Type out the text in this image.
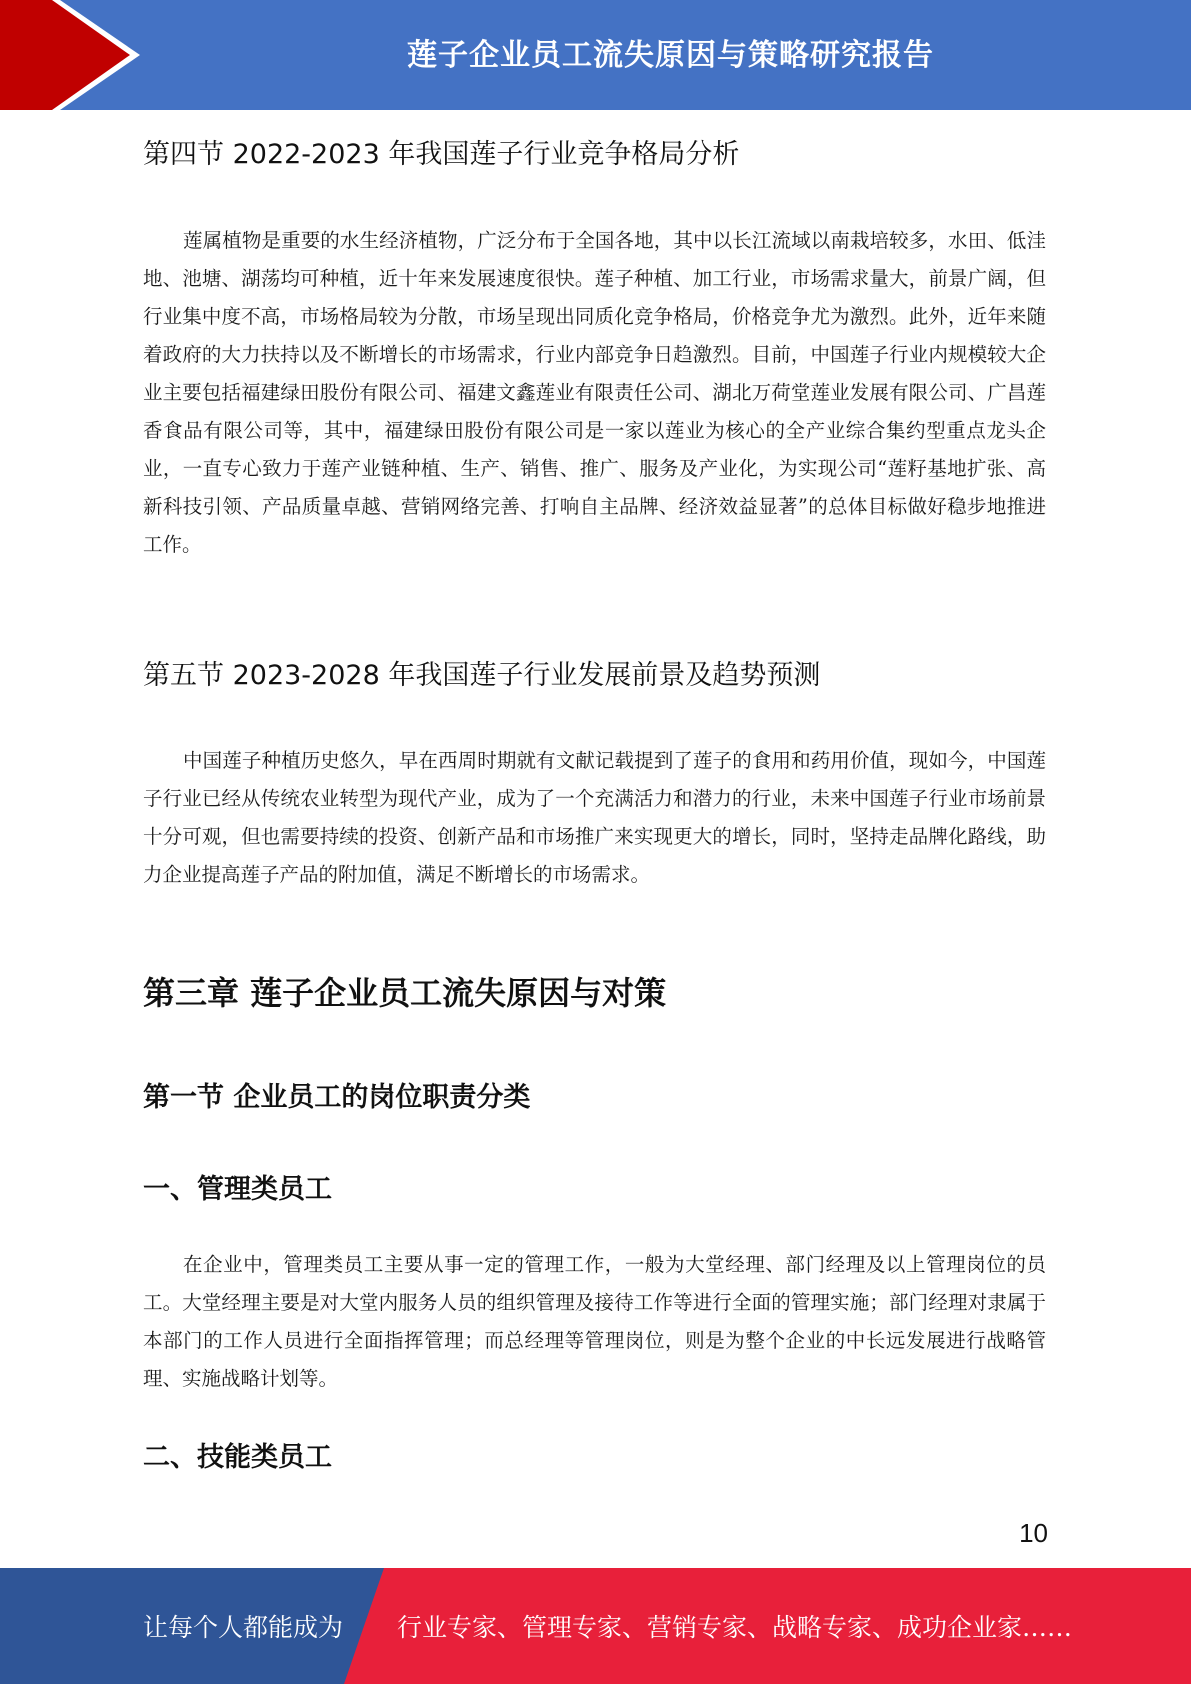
莲子企业员工流失原因与策略研究报告
第四节 2022-2023 年我国莲子行业竞争格局分析

莲属植物是重要的水生经济植物，广泛分布于全国各地，其中以长江流域以南栽培较多，水田、低洼地、池塘、湖荡均可种植，近十年来发展速度很快。莲子种植、加工行业，市场需求量大，前景广阔，但行业集中度不高，市场格局较为分散，市场呈现出同质化竞争格局，价格竞争尤为激烈。此外，近年来随着政府的大力扶持以及不断增长的市场需求，行业内部竞争日趋激烈。目前，中国莲子行业内规模较大企业主要包括福建绿田股份有限公司、福建文鑫莲业有限责任公司、湖北万荷堂莲业发展有限公司、广昌莲香食品有限公司等，其中，福建绿田股份有限公司是一家以莲业为核心的全产业综合集约型重点龙头企业，一直专心致力于莲产业链种植、生产、销售、推广、服务及产业化，为实现公司“莲籽基地扩张、高新科技引领、产品质量卓越、营销网络完善、打响自主品牌、经济效益显著”的总体目标做好稳步地推进工作。

第五节 2023-2028 年我国莲子行业发展前景及趋势预测

中国莲子种植历史悠久，早在西周时期就有文献记载提到了莲子的食用和药用价值，现如今，中国莲子行业已经从传统农业转型为现代产业，成为了一个充满活力和潜力的行业，未来中国莲子行业市场前景十分可观，但也需要持续的投资、创新产品和市场推广来实现更大的增长，同时，坚持走品牌化路线，助力企业提高莲子产品的附加值，满足不断增长的市场需求。

第三章 莲子企业员工流失原因与对策
第一节 企业员工的岗位职责分类
一、管理类员工

在企业中，管理类员工主要从事一定的管理工作，一般为大堂经理、部门经理及以上管理岗位的员工。大堂经理主要是对大堂内服务人员的组织管理及接待工作等进行全面的管理实施；部门经理对隶属于本部门的工作人员进行全面指挥管理；而总经理等管理岗位，则是为整个企业的中长远发展进行战略管理、实施战略计划等。

二、技能类员工
10
让每个人都能成为 行业专家、管理专家、营销专家、战略专家、成功企业家……
